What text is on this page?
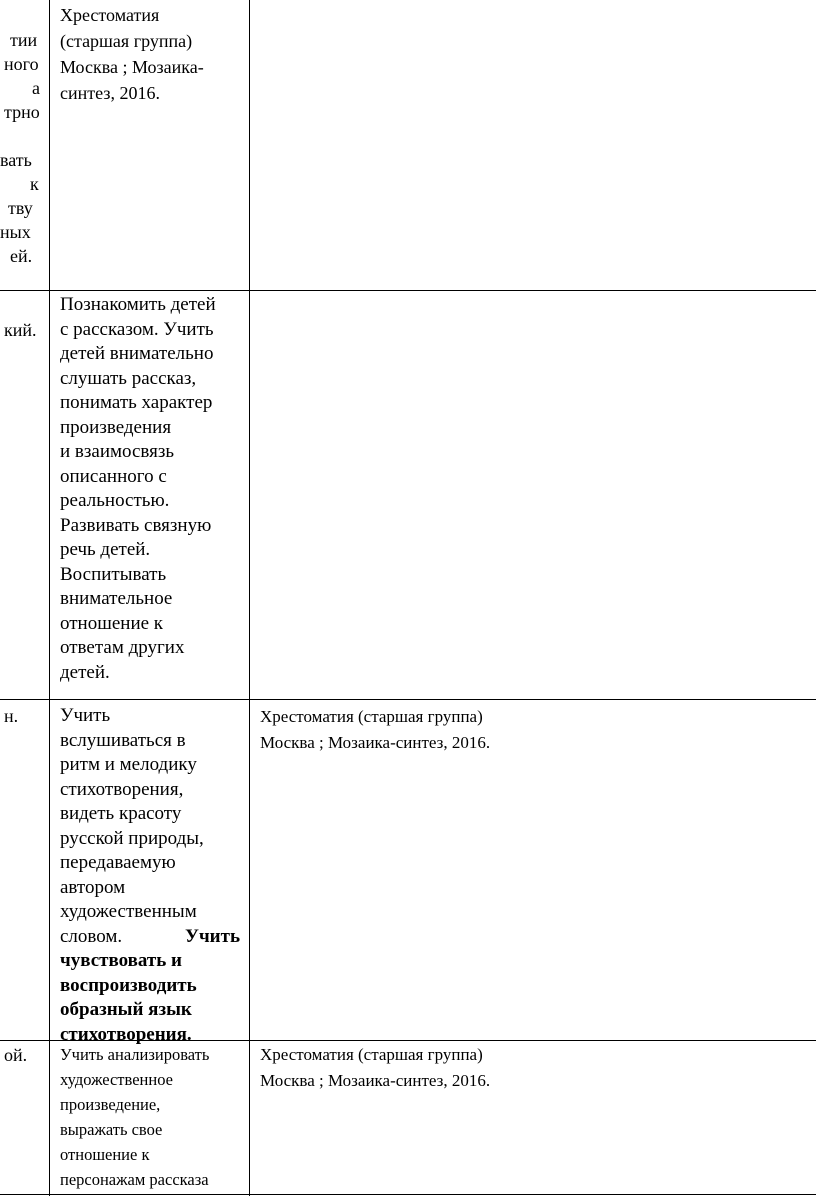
тии
ного
а
трно
вать
к
тву
ных
ей.
Хрестоматия
(старшая группа)
Москва ; Мозаика-
синтез, 2016.
кий.
Познакомить детей
с рассказом. Учить
детей внимательно
слушать рассказ,
понимать характер
произведения
и взаимосвязь
описанного с
реальностью.
Развивать связную
речь детей.
Воспитывать
внимательное
отношение к
ответам других
детей.
н. Учить
вслушиваться в
ритм и мелодику
стихотворения,
видеть красоту
русской природы,
передаваемую
автором
художественным
словом.	Учить
чувствовать и
воспроизводить
образный язык
стихотворения.
Хрестоматия (старшая группа)
Москва ; Мозаика-синтез, 2016.
ой. Учить анализировать
художественное
произведение,
выражать свое
отношение к
персонажам рассказа
Хрестоматия (старшая группа)
Москва ; Мозаика-синтез, 2016.
